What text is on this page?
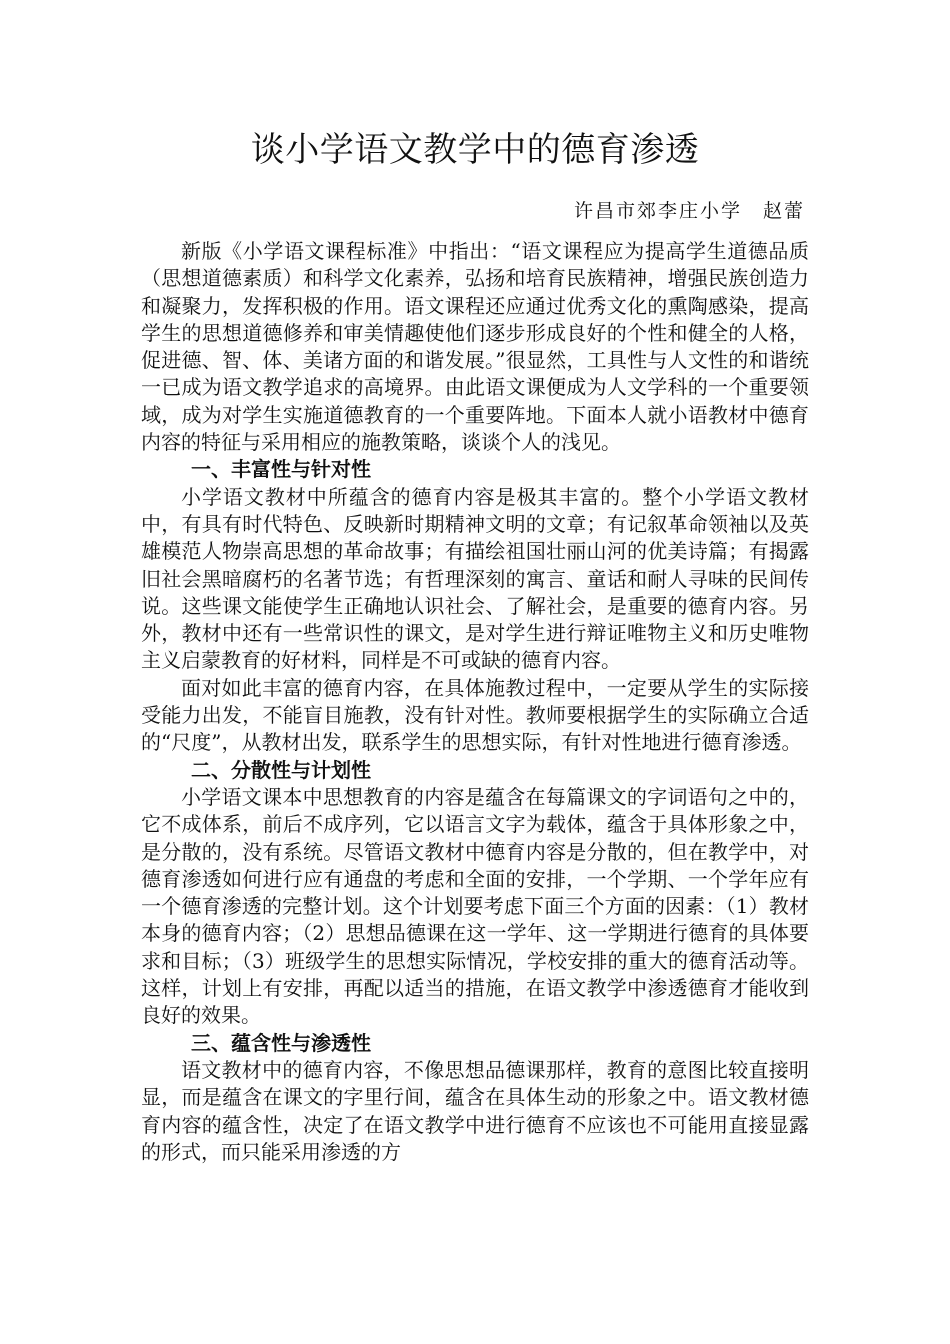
谈小学语文教学中的德育渗透
许昌市郊李庄小学　赵蕾

新版《小学语文课程标准》中指出：“语文课程应为提高学生道德品质（思想道德素质）和科学文化素养，弘扬和培育民族精神，增强民族创造力和凝聚力，发挥积极的作用。语文课程还应通过优秀文化的熏陶感染，提高学生的思想道德修养和审美情趣使他们逐步形成良好的个性和健全的人格，促进德、智、体、美诸方面的和谐发展。”很显然，工具性与人文性的和谐统一已成为语文教学追求的高境界。由此语文课便成为人文学科的一个重要领域，成为对学生实施道德教育的一个重要阵地。下面本人就小语教材中德育内容的特征与采用相应的施教策略，谈谈个人的浅见。

一、丰富性与针对性

小学语文教材中所蕴含的德育内容是极其丰富的。整个小学语文教材中，有具有时代特色、反映新时期精神文明的文章；有记叙革命领袖以及英雄模范人物崇高思想的革命故事；有描绘祖国壮丽山河的优美诗篇；有揭露旧社会黑暗腐朽的名著节选；有哲理深刻的寓言、童话和耐人寻味的民间传说。这些课文能使学生正确地认识社会、了解社会，是重要的德育内容。另外，教材中还有一些常识性的课文，是对学生进行辩证唯物主义和历史唯物主义启蒙教育的好材料，同样是不可或缺的德育内容。

面对如此丰富的德育内容，在具体施教过程中，一定要从学生的实际接受能力出发，不能盲目施教，没有针对性。教师要根据学生的实际确立合适的“尺度”，从教材出发，联系学生的思想实际，有针对性地进行德育渗透。

二、分散性与计划性

小学语文课本中思想教育的内容是蕴含在每篇课文的字词语句之中的，它不成体系，前后不成序列，它以语言文字为载体，蕴含于具体形象之中，是分散的，没有系统。尽管语文教材中德育内容是分散的，但在教学中，对德育渗透如何进行应有通盘的考虑和全面的安排，一个学期、一个学年应有一个德育渗透的完整计划。这个计划要考虑下面三个方面的因素：（1）教材本身的德育内容；（2）思想品德课在这一学年、这一学期进行德育的具体要求和目标；（3）班级学生的思想实际情况，学校安排的重大的德育活动等。这样，计划上有安排，再配以适当的措施，在语文教学中渗透德育才能收到良好的效果。

三、蕴含性与渗透性

语文教材中的德育内容，不像思想品德课那样，教育的意图比较直接明显，而是蕴含在课文的字里行间，蕴含在具体生动的形象之中。语文教材德育内容的蕴含性，决定了在语文教学中进行德育不应该也不可能用直接显露的形式，而只能采用渗透的方
